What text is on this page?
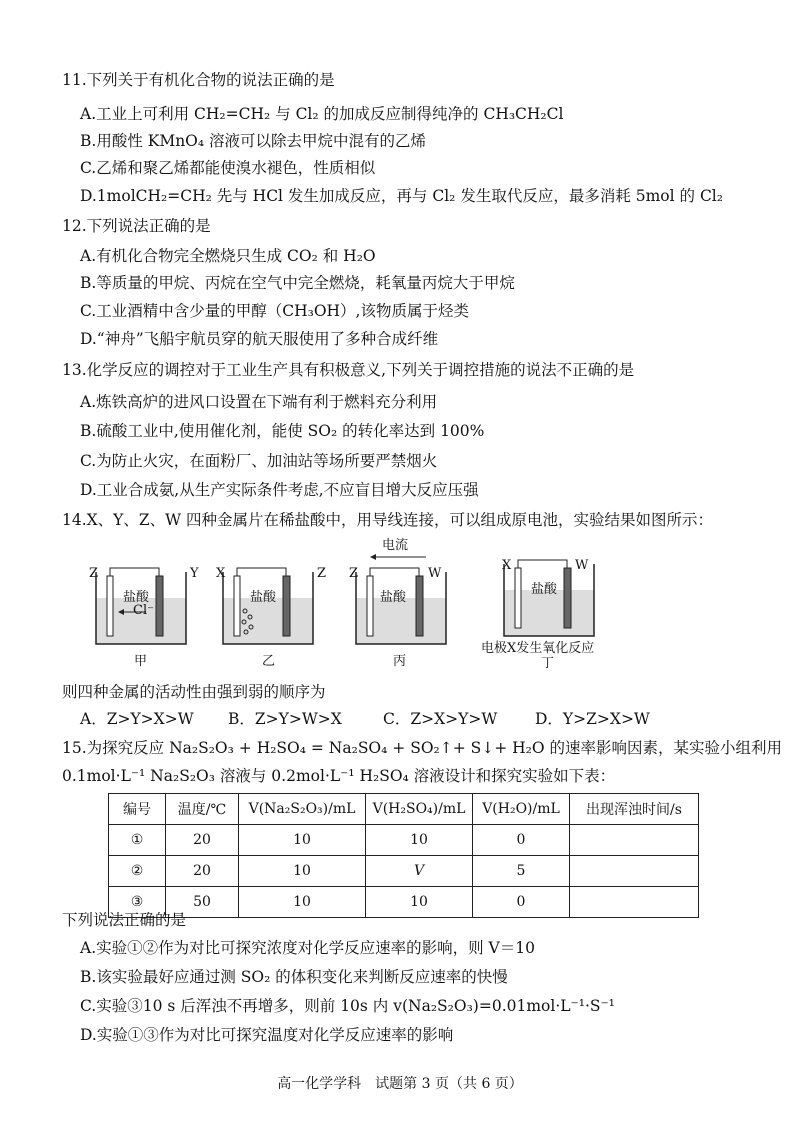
11.下列关于有机化合物的说法正确的是
A.工业上可利用 CH₂=CH₂ 与 Cl₂ 的加成反应制得纯净的 CH₃CH₂Cl
B.用酸性 KMnO₄ 溶液可以除去甲烷中混有的乙烯
C.乙烯和聚乙烯都能使溴水褪色，性质相似
D.1molCH₂=CH₂ 先与 HCl 发生加成反应，再与 Cl₂ 发生取代反应，最多消耗 5mol 的 Cl₂
12.下列说法正确的是
A.有机化合物完全燃烧只生成 CO₂ 和 H₂O
B.等质量的甲烷、丙烷在空气中完全燃烧，耗氧量丙烷大于甲烷
C.工业酒精中含少量的甲醇（CH₃OH）,该物质属于烃类
D.“神舟”飞船宇航员穿的航天服使用了多种合成纤维
13.化学反应的调控对于工业生产具有积极意义,下列关于调控措施的说法不正确的是
A.炼铁高炉的进风口设置在下端有利于燃料充分利用
B.硫酸工业中,使用催化剂，能使 SO₂ 的转化率达到 100%
C.为防止火灾，在面粉厂、加油站等场所要严禁烟火
D.工业合成氨,从生产实际条件考虑,不应盲目增大反应压强
14.X、Y、Z、W 四种金属片在稀盐酸中，用导线连接，可以组成原电池，实验结果如图所示：
Z	Y
盐酸
Cl⁻
甲
X	Z
盐酸
乙
电流
Z	W
盐酸
丙
X	W
盐酸
电极X发生氧化反应
丁
则四种金属的活动性由强到弱的顺序为
A．Z>Y>X>W B．Z>Y>W>X	C．Z>X>Y>W D．Y>Z>X>W
15.为探究反应 Na₂S₂O₃ + H₂SO₄ = Na₂SO₄ + SO₂↑+ S↓+ H₂O 的速率影响因素，某实验小组利用
0.1mol·L⁻¹ Na₂S₂O₃ 溶液与 0.2mol·L⁻¹ H₂SO₄ 溶液设计和探究实验如下表：
编号	温度/℃	V(Na₂S₂O₃)/mL	V(H₂SO₄)/mL	V(H₂O)/mL	出现浑浊时间/s
①	20	10	10	0	
②	20	10	V	5	
③	50	10	10	0	
下列说法正确的是
A.实验①②作为对比可探究浓度对化学反应速率的影响，则 V＝10
B.该实验最好应通过测 SO₂ 的体积变化来判断反应速率的快慢
C.实验③10 s 后浑浊不再增多，则前 10s 内 v(Na₂S₂O₃)=0.01mol·L⁻¹·S⁻¹
D.实验①③作为对比可探究温度对化学反应速率的影响
高一化学学科　试题第 3 页（共 6 页）
